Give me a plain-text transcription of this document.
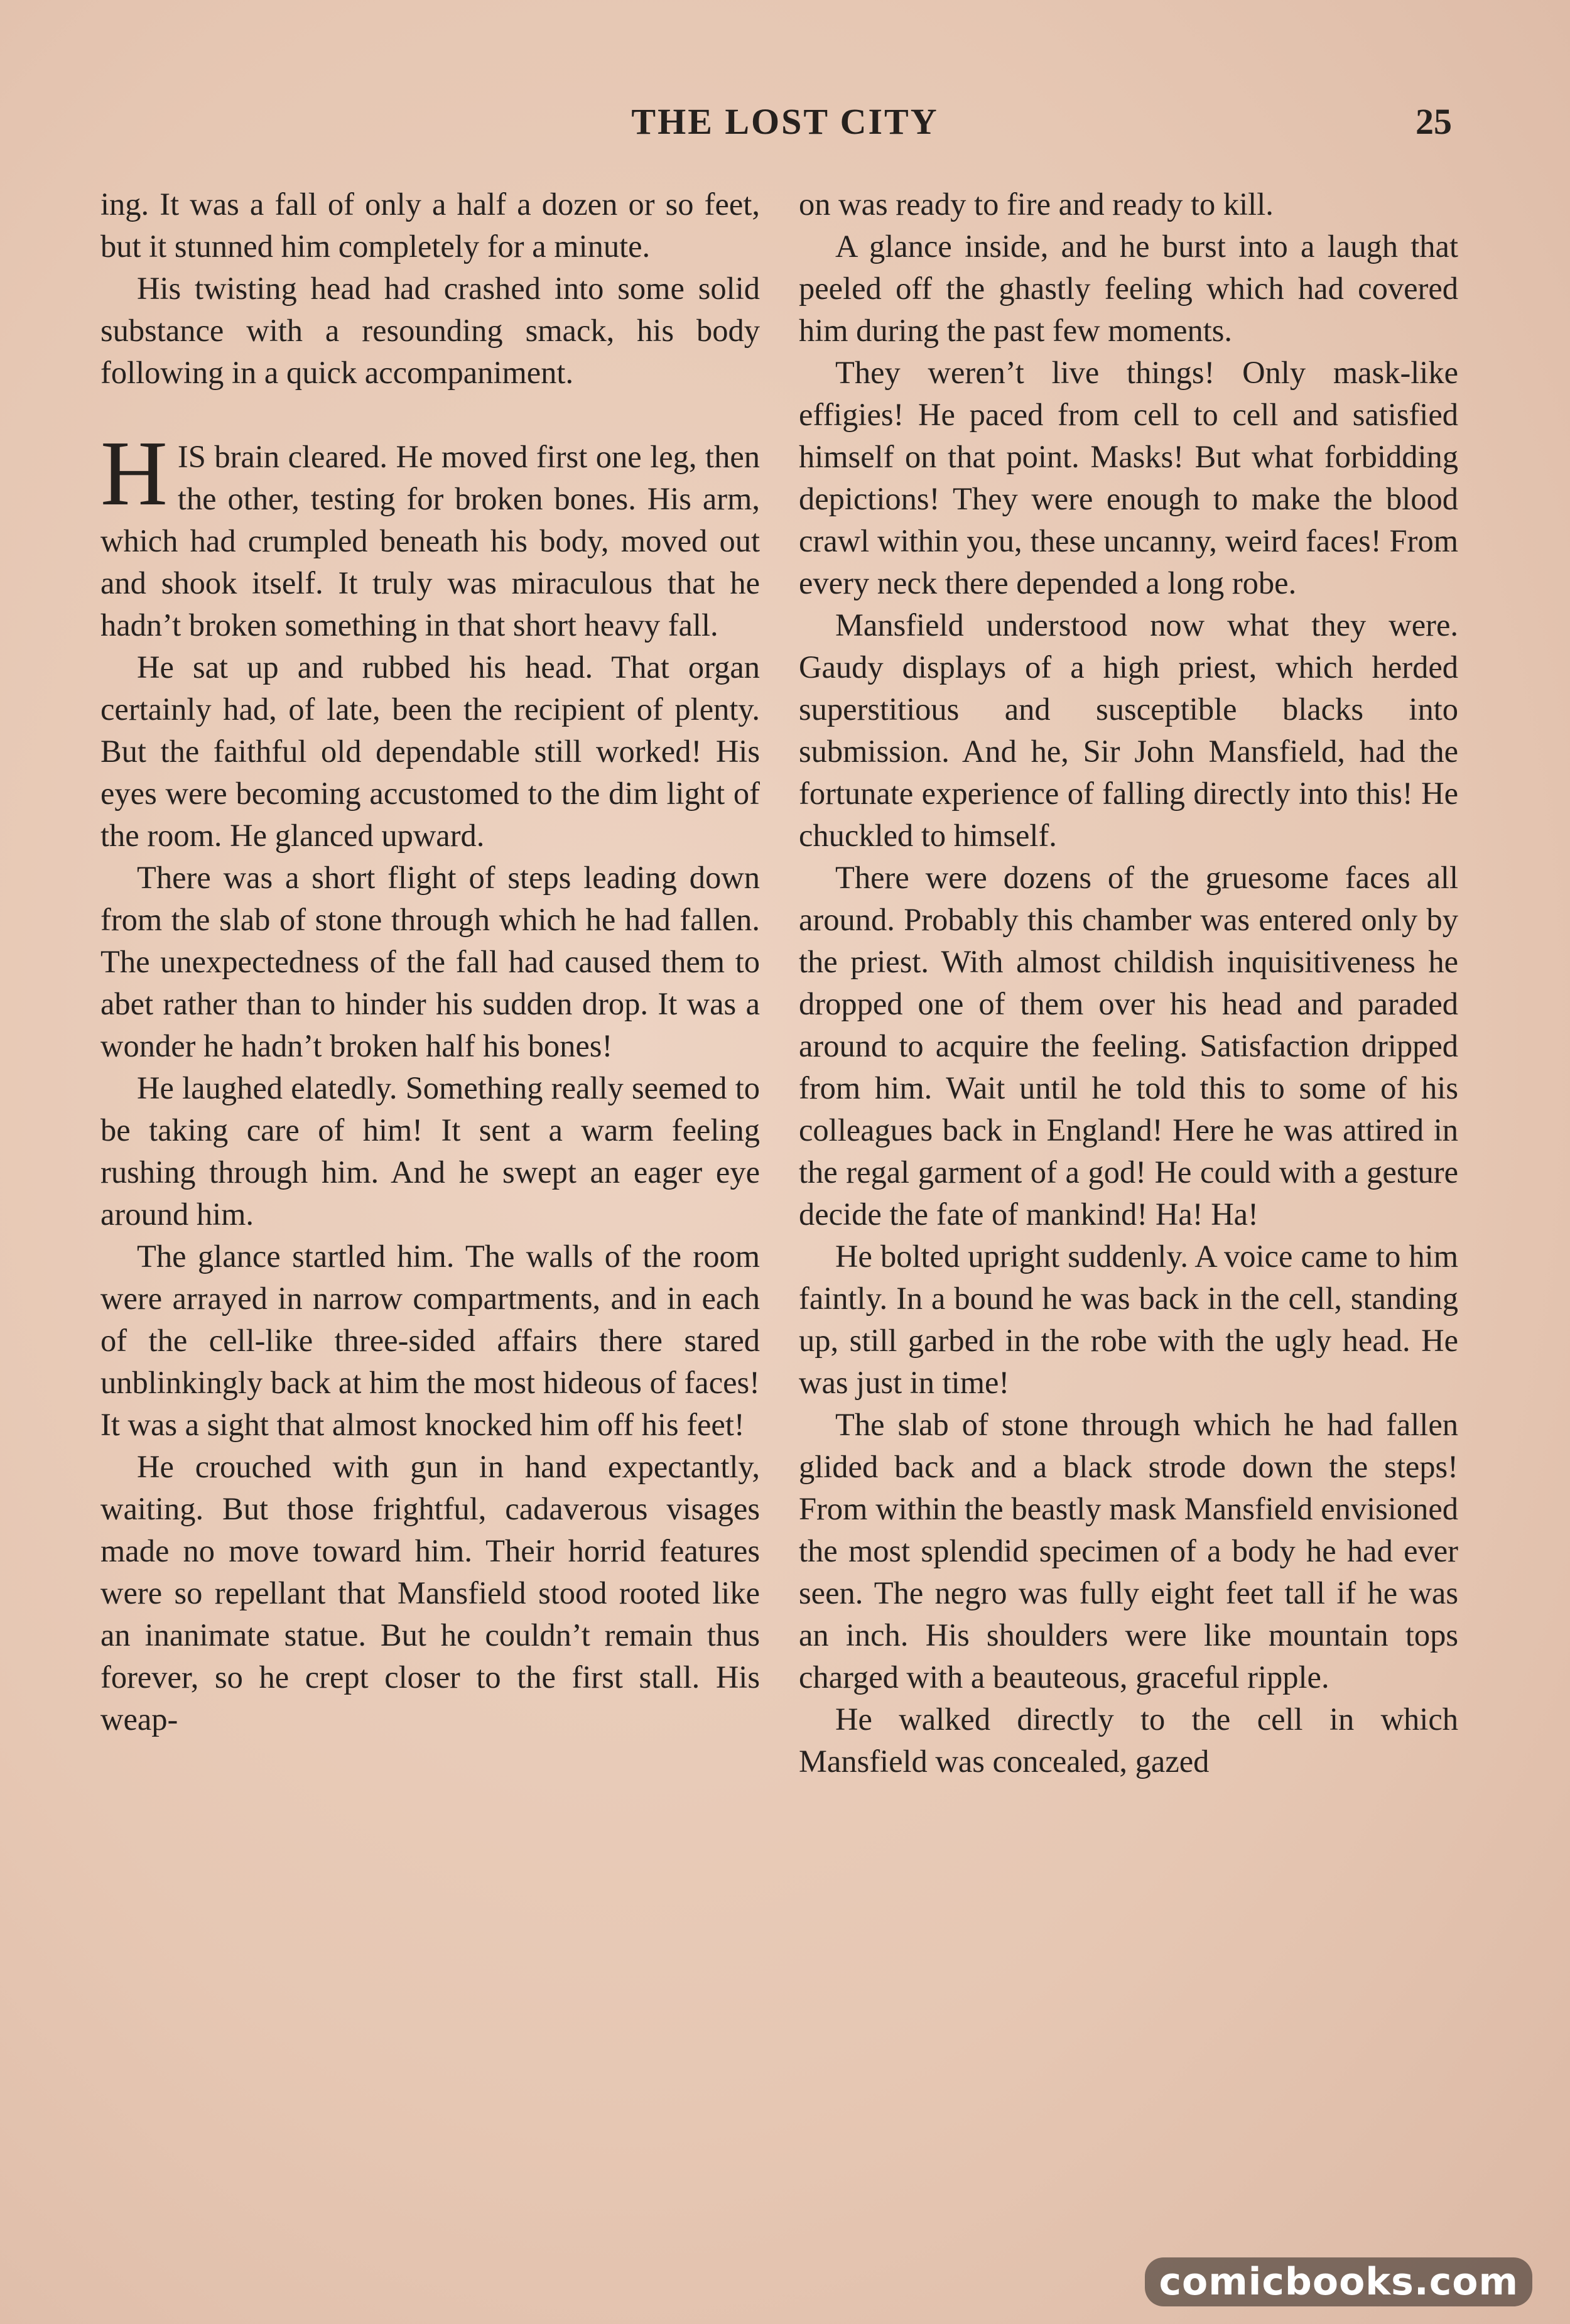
THE LOST CITY	25

ing. It was a fall of only a half a dozen or so feet, but it stunned him completely for a minute.

His twisting head had crashed into some solid substance with a resounding smack, his body following in a quick accompaniment.

HIS brain cleared. He moved first one leg, then the other, testing for broken bones. His arm, which had crumpled beneath his body, moved out and shook itself. It truly was miraculous that he hadn’t broken something in that short heavy fall.

He sat up and rubbed his head. That organ certainly had, of late, been the recipient of plenty. But the faithful old dependable still worked! His eyes were becoming accustomed to the dim light of the room. He glanced upward.

There was a short flight of steps leading down from the slab of stone through which he had fallen. The unexpectedness of the fall had caused them to abet rather than to hinder his sudden drop. It was a wonder he hadn’t broken half his bones!

He laughed elatedly. Something really seemed to be taking care of him! It sent a warm feeling rushing through him. And he swept an eager eye around him.

The glance startled him. The walls of the room were arrayed in narrow compartments, and in each of the cell-like three-sided affairs there stared unblinkingly back at him the most hideous of faces! It was a sight that almost knocked him off his feet!

He crouched with gun in hand expectantly, waiting. But those frightful, cadaverous visages made no move toward him. Their horrid features were so repellant that Mansfield stood rooted like an inanimate statue. But he couldn’t remain thus forever, so he crept closer to the first stall. His weap-

on was ready to fire and ready to kill.

A glance inside, and he burst into a laugh that peeled off the ghastly feeling which had covered him during the past few moments.

They weren’t live things! Only mask-like effigies! He paced from cell to cell and satisfied himself on that point. Masks! But what forbidding depictions! They were enough to make the blood crawl within you, these uncanny, weird faces! From every neck there depended a long robe.

Mansfield understood now what they were. Gaudy displays of a high priest, which herded superstitious and susceptible blacks into submission. And he, Sir John Mansfield, had the fortunate experience of falling directly into this! He chuckled to himself.

There were dozens of the gruesome faces all around. Probably this chamber was entered only by the priest. With almost childish inquisitiveness he dropped one of them over his head and paraded around to acquire the feeling. Satisfaction dripped from him. Wait until he told this to some of his colleagues back in England! Here he was attired in the regal garment of a god! He could with a gesture decide the fate of mankind! Ha! Ha!

He bolted upright suddenly. A voice came to him faintly. In a bound he was back in the cell, standing up, still garbed in the robe with the ugly head. He was just in time!

The slab of stone through which he had fallen glided back and a black strode down the steps! From within the beastly mask Mansfield envisioned the most splendid specimen of a body he had ever seen. The negro was fully eight feet tall if he was an inch. His shoulders were like mountain tops charged with a beauteous, graceful ripple.

He walked directly to the cell in which Mansfield was concealed, gazed

comicbooks.com
